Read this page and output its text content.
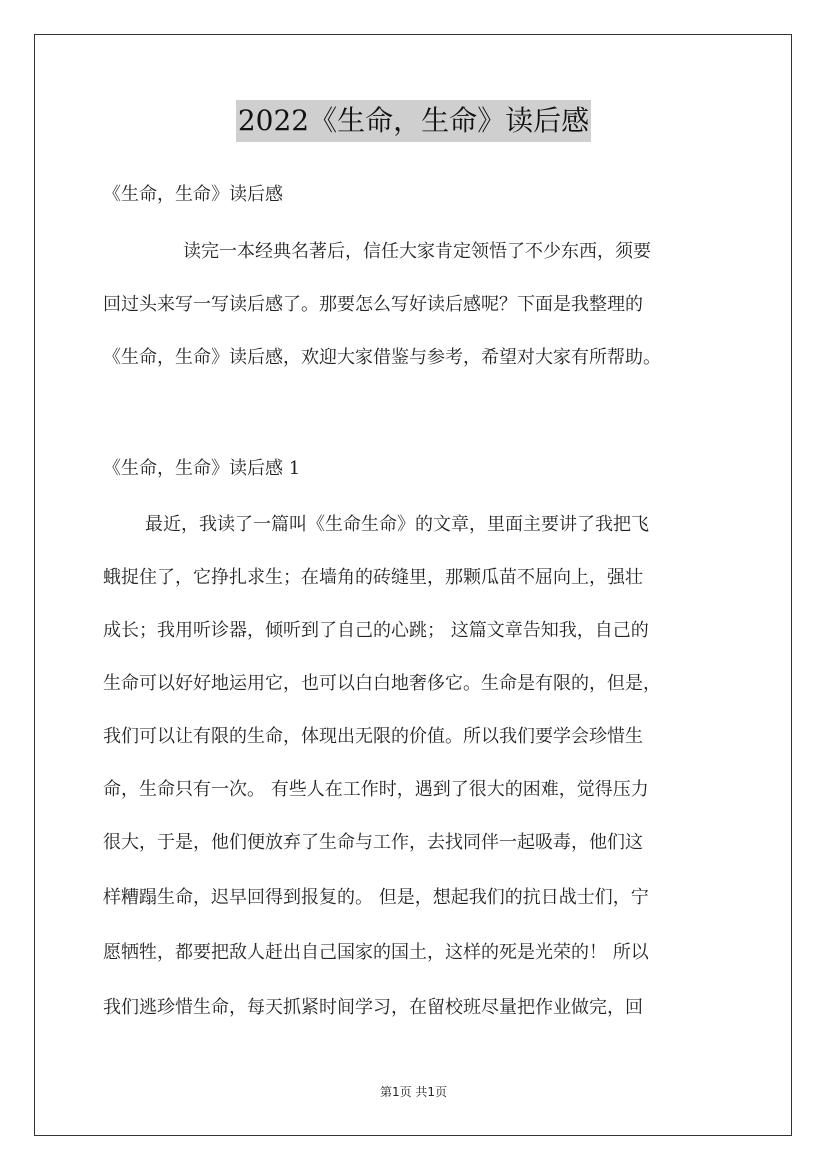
2022《生命，生命》读后感
《生命，生命》读后感
读完一本经典名著后，信任大家肯定领悟了不少东西，须要
回过头来写一写读后感了。那要怎么写好读后感呢？下面是我整理的
《生命，生命》读后感，欢迎大家借鉴与参考，希望对大家有所帮助。
《生命，生命》读后感 1
最近，我读了一篇叫《生命生命》的文章，里面主要讲了我把飞
蛾捉住了，它挣扎求生；在墙角的砖缝里，那颗瓜苗不屈向上，强壮
成长；我用听诊器，倾听到了自己的心跳； 这篇文章告知我，自己的
生命可以好好地运用它，也可以白白地奢侈它。生命是有限的，但是，
我们可以让有限的生命，体现出无限的价值。所以我们要学会珍惜生
命，生命只有一次。 有些人在工作时，遇到了很大的困难，觉得压力
很大，于是，他们便放弃了生命与工作，去找同伴一起吸毒，他们这
样糟蹋生命，迟早回得到报复的。 但是，想起我们的抗日战士们，宁
愿牺牲，都要把敌人赶出自己国家的国土，这样的死是光荣的！ 所以
我们逃珍惜生命，每天抓紧时间学习，在留校班尽量把作业做完，回
第1页 共1页
